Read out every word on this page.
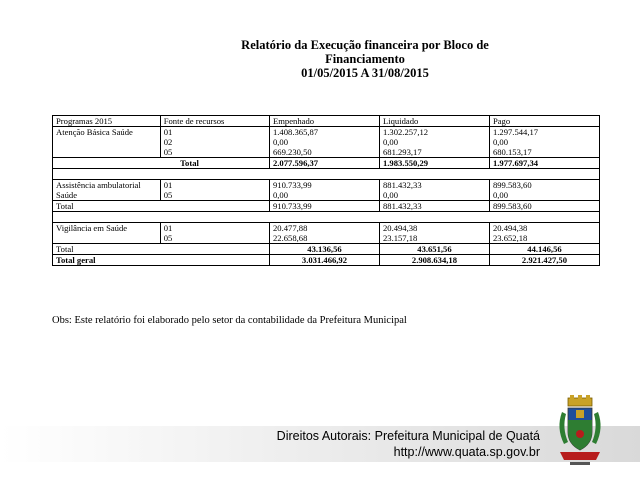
Relatório da Execução financeira por Bloco de
Financiamento
01/05/2015 A 31/08/2015
Programas 2015	Fonte de recursos	Empenhado	Liquidado	Pago
Atenção Básica Saúde	01	1.408.365,87	1.302.257,12	1.297.544,17
	02	0,00	0,00	0,00
	05	669.230,50	681.293,17	680.153,17
Total		2.077.596,37	1.983.550,29	1.977.697,34

Assistência ambulatorial	01	910.733,99	881.432,33	899.583,60
Saúde	05	0,00	0,00	0,00
Total		910.733,99	881.432,33	899.583,60

Vigilância em Saúde	01	20.477,88	20.494,38	20.494,38
	05	22.658,68	23.157,18	23.652,18
Total		43.136,56	43.651,56	44.146,56
Total geral		3.031.466,92	2.908.634,18	2.921.427,50
Obs: Este relatório foi elaborado pelo setor da contabilidade da Prefeitura Municipal
Direitos Autorais: Prefeitura Municipal de Quatá
http://www.quata.sp.gov.br
